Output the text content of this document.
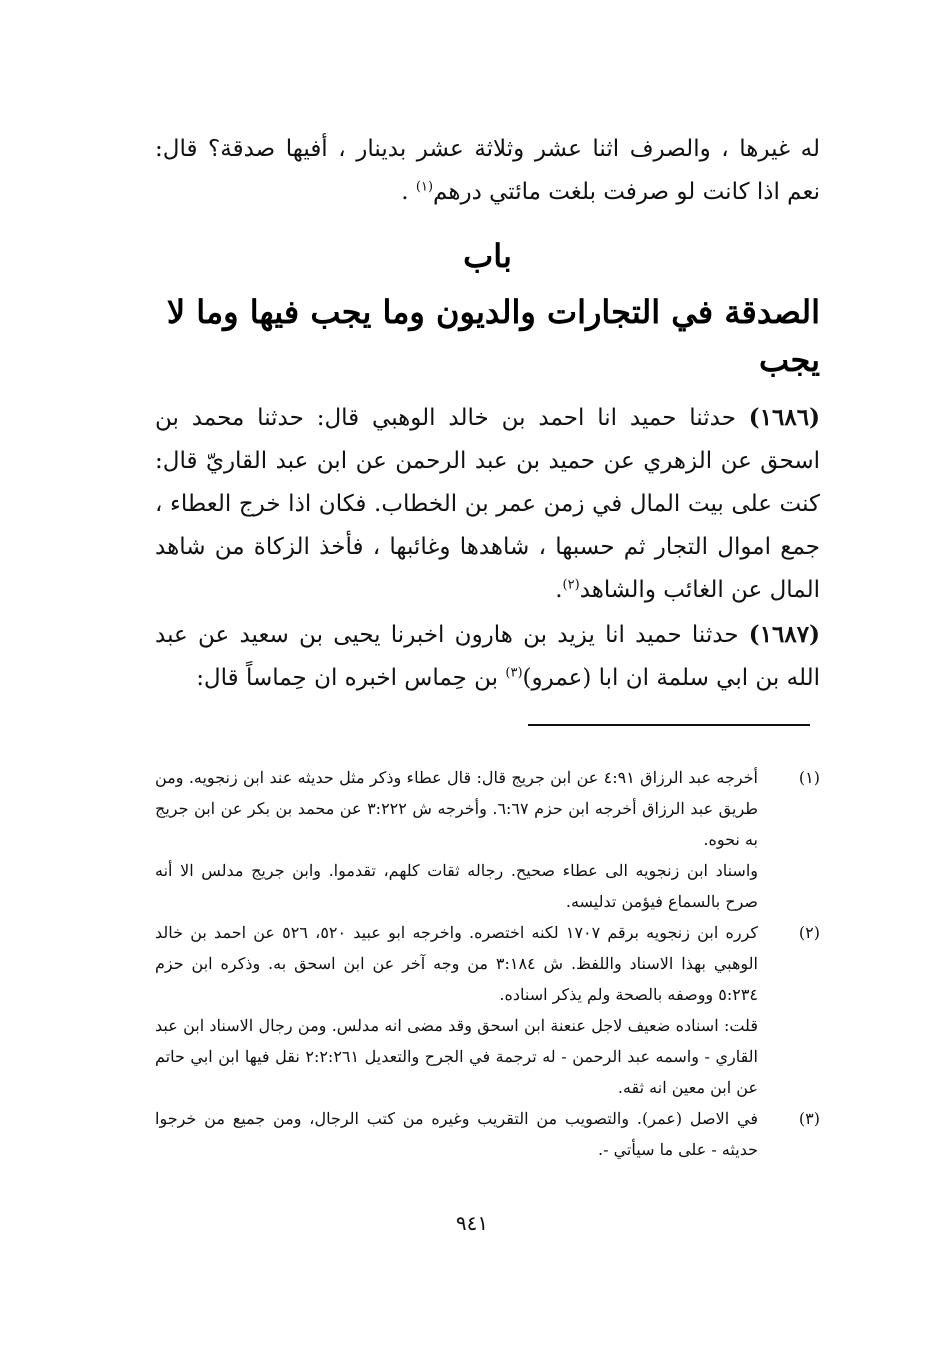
له غيرها ، والصرف اثنا عشر وثلاثة عشر بدينار ، أفيها صدقة؟ قال: نعم اذا كانت لو صرفت بلغت مائتي درهم$^{(١)}$ .
باب
الصدقة في التجارات والديون وما يجب فيها وما لا يجب
(١٦٨٦) حدثنا حميد انا احمد بن خالد الوهبي قال: حدثنا محمد بن اسحق عن الزهري عن حميد بن عبد الرحمن عن ابن عبد القاريّ قال: كنت على بيت المال في زمن عمر بن الخطاب. فكان اذا خرج العطاء ، جمع اموال التجار ثم حسبها ، شاهدها وغائبها ، فأخذ الزكاة من شاهد المال عن الغائب والشاهد$^{(٢)}$.
(١٦٨٧) حدثنا حميد انا يزيد بن هارون اخبرنا يحيى بن سعيد عن عبد الله بن ابي سلمة ان ابا (عمرو)$^{(٣)}$ بن حِماس اخبره ان حِماساً قال:
(١)

أخرجه عبد الرزاق ٤:٩١ عن ابن جريج قال: قال عطاء وذكر مثل حديثه عند ابن زنجويه. ومن طريق عبد الرزاق أخرجه ابن حزم ٦:٦٧. وأخرجه ش ٣:٢٢٢ عن محمد بن بكر عن ابن جريج به نحوه.

واسناد ابن زنجويه الى عطاء صحيح. رجاله ثقات كلهم، تقدموا. وابن جريج مدلس الا أنه صرح بالسماع فيؤمن تدليسه.

(٢)

كرره ابن زنجويه برقم ١٧٠٧ لكنه اختصره. واخرجه ابو عبيد ٥٢٠، ٥٢٦ عن احمد بن خالد الوهبي بهذا الاسناد واللفظ. ش ٣:١٨٤ من وجه آخر عن ابن اسحق به. وذكره ابن حزم ٥:٢٣٤ ووصفه بالصحة ولم يذكر اسناده.

قلت: اسناده ضعيف لاجل عنعنة ابن اسحق وقد مضى انه مدلس. ومن رجال الاسناد ابن عبد القاري - واسمه عبد الرحمن - له ترجمة في الجرح والتعديل ٢:٢:٢٦١ نقل فيها ابن ابي حاتم عن ابن معين انه ثقه.

(٣)

في الاصل (عمر). والتصويب من التقريب وغيره من كتب الرجال، ومن جميع من خرجوا حديثه - على ما سيأتي -.

٩٤١
